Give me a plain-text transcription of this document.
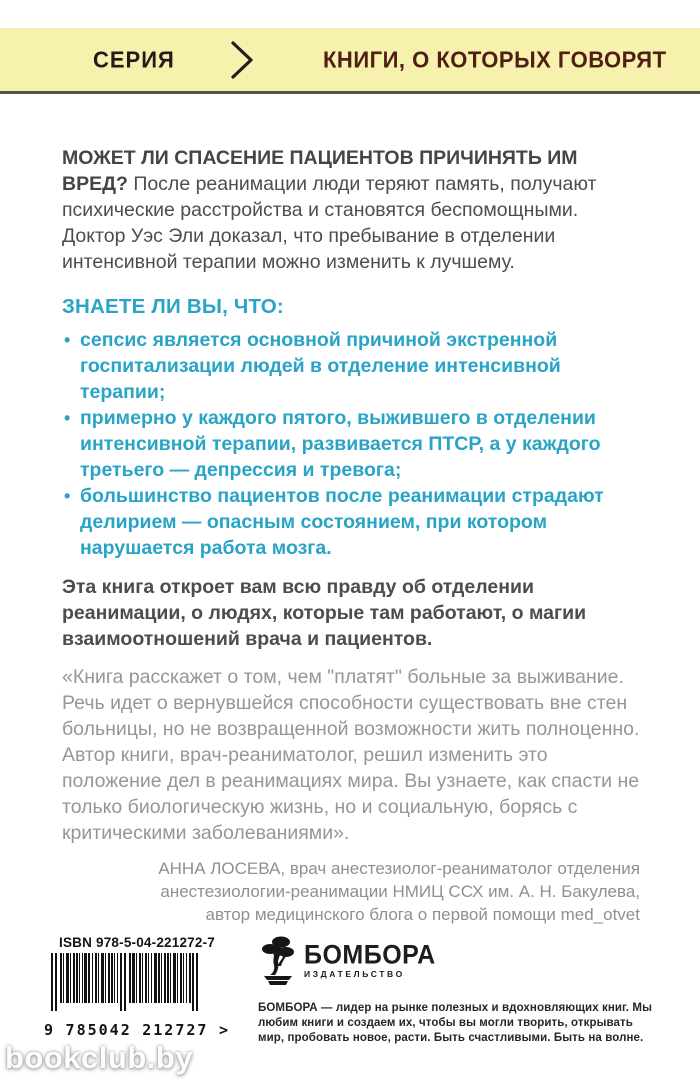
СЕРИЯ	КНИГИ, О КОТОРЫХ ГОВОРЯТ

МОЖЕТ ЛИ СПАСЕНИЕ ПАЦИЕНТОВ ПРИЧИНЯТЬ ИМ ВРЕД? После реанимации люди теряют память, получают психические расстройства и становятся беспомощными. Доктор Уэс Эли доказал, что пребывание в отделении интенсивной терапии можно изменить к лучшему.

ЗНАЕТЕ ЛИ ВЫ, ЧТО:

• сепсис является основной причиной экстренной госпитализации людей в отделение интенсивной терапии;
• примерно у каждого пятого, выжившего в отделении интенсивной терапии, развивается ПТСР, а у каждого третьего — депрессия и тревога;
• большинство пациентов после реанимации страдают делирием — опасным состоянием, при котором нарушается работа мозга.

Эта книга откроет вам всю правду об отделении реанимации, о людях, которые там работают, о магии взаимоотношений врача и пациентов.

«Книга расскажет о том, чем "платят" больные за выживание. Речь идет о вернувшейся способности существовать вне стен больницы, но не возвращенной возможности жить полноценно. Автор книги, врач-реаниматолог, решил изменить это положение дел в реанимациях мира. Вы узнаете, как спасти не только биологическую жизнь, но и социальную, борясь с критическими заболеваниями».

АННА ЛОСЕВА, врач анестезиолог-реаниматолог отделения
анестезиологии-реанимации НМИЦ ССХ им. А. Н. Бакулева,
автор медицинского блога о первой помощи med_otvet
ISBN 978-5-04-221272-7
9 785042 212727 >
БОМБОРА
ИЗДАТЕЛЬСТВО
БОМБОРА — лидер на рынке полезных и вдохновляющих книг. Мы любим книги и создаем их, чтобы вы могли творить, открывать мир, пробовать новое, расти. Быть счастливыми. Быть на волне.
bookclub.by
